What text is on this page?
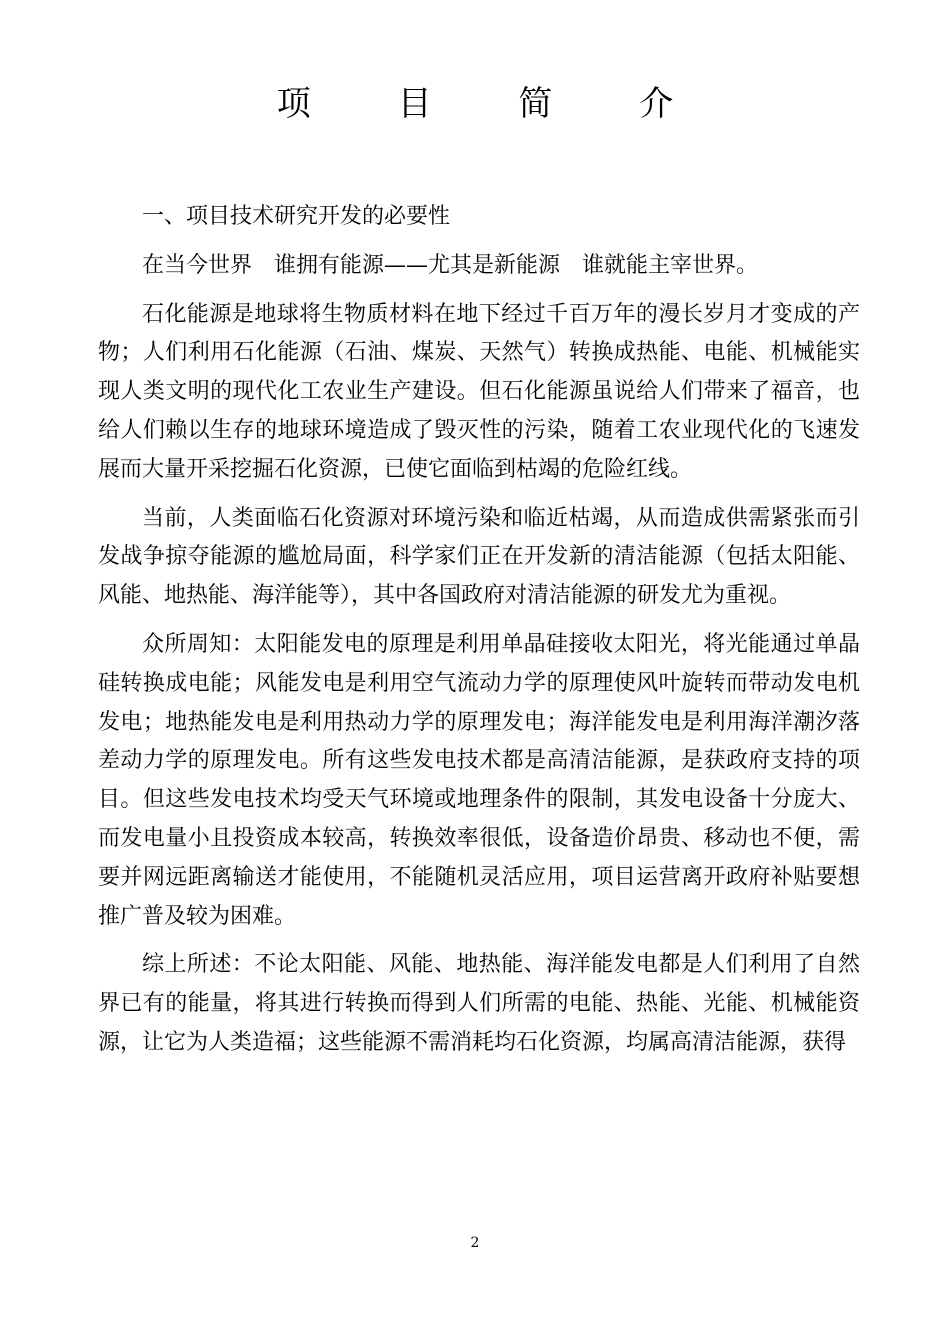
项 目 简 介

一、项目技术研究开发的必要性

在当今世界　谁拥有能源——尤其是新能源　谁就能主宰世界。

石化能源是地球将生物质材料在地下经过千百万年的漫长岁月才变成的产物；人们利用石化能源（石油、煤炭、天然气）转换成热能、电能、机械能实现人类文明的现代化工农业生产建设。但石化能源虽说给人们带来了福音，也给人们赖以生存的地球环境造成了毁灭性的污染，随着工农业现代化的飞速发展而大量开采挖掘石化资源，已使它面临到枯竭的危险红线。

当前，人类面临石化资源对环境污染和临近枯竭，从而造成供需紧张而引发战争掠夺能源的尴尬局面，科学家们正在开发新的清洁能源（包括太阳能、风能、地热能、海洋能等），其中各国政府对清洁能源的研发尤为重视。

众所周知：太阳能发电的原理是利用单晶硅接收太阳光，将光能通过单晶硅转换成电能；风能发电是利用空气流动力学的原理使风叶旋转而带动发电机发电；地热能发电是利用热动力学的原理发电；海洋能发电是利用海洋潮汐落差动力学的原理发电。所有这些发电技术都是高清洁能源，是获政府支持的项目。但这些发电技术均受天气环境或地理条件的限制，其发电设备十分庞大、而发电量小且投资成本较高，转换效率很低，设备造价昂贵、移动也不便，需要并网远距离输送才能使用，不能随机灵活应用，项目运营离开政府补贴要想推广普及较为困难。

综上所述：不论太阳能、风能、地热能、海洋能发电都是人们利用了自然界已有的能量，将其进行转换而得到人们所需的电能、热能、光能、机械能资源，让它为人类造福；这些能源不需消耗均石化资源，均属高清洁能源，获得

2
